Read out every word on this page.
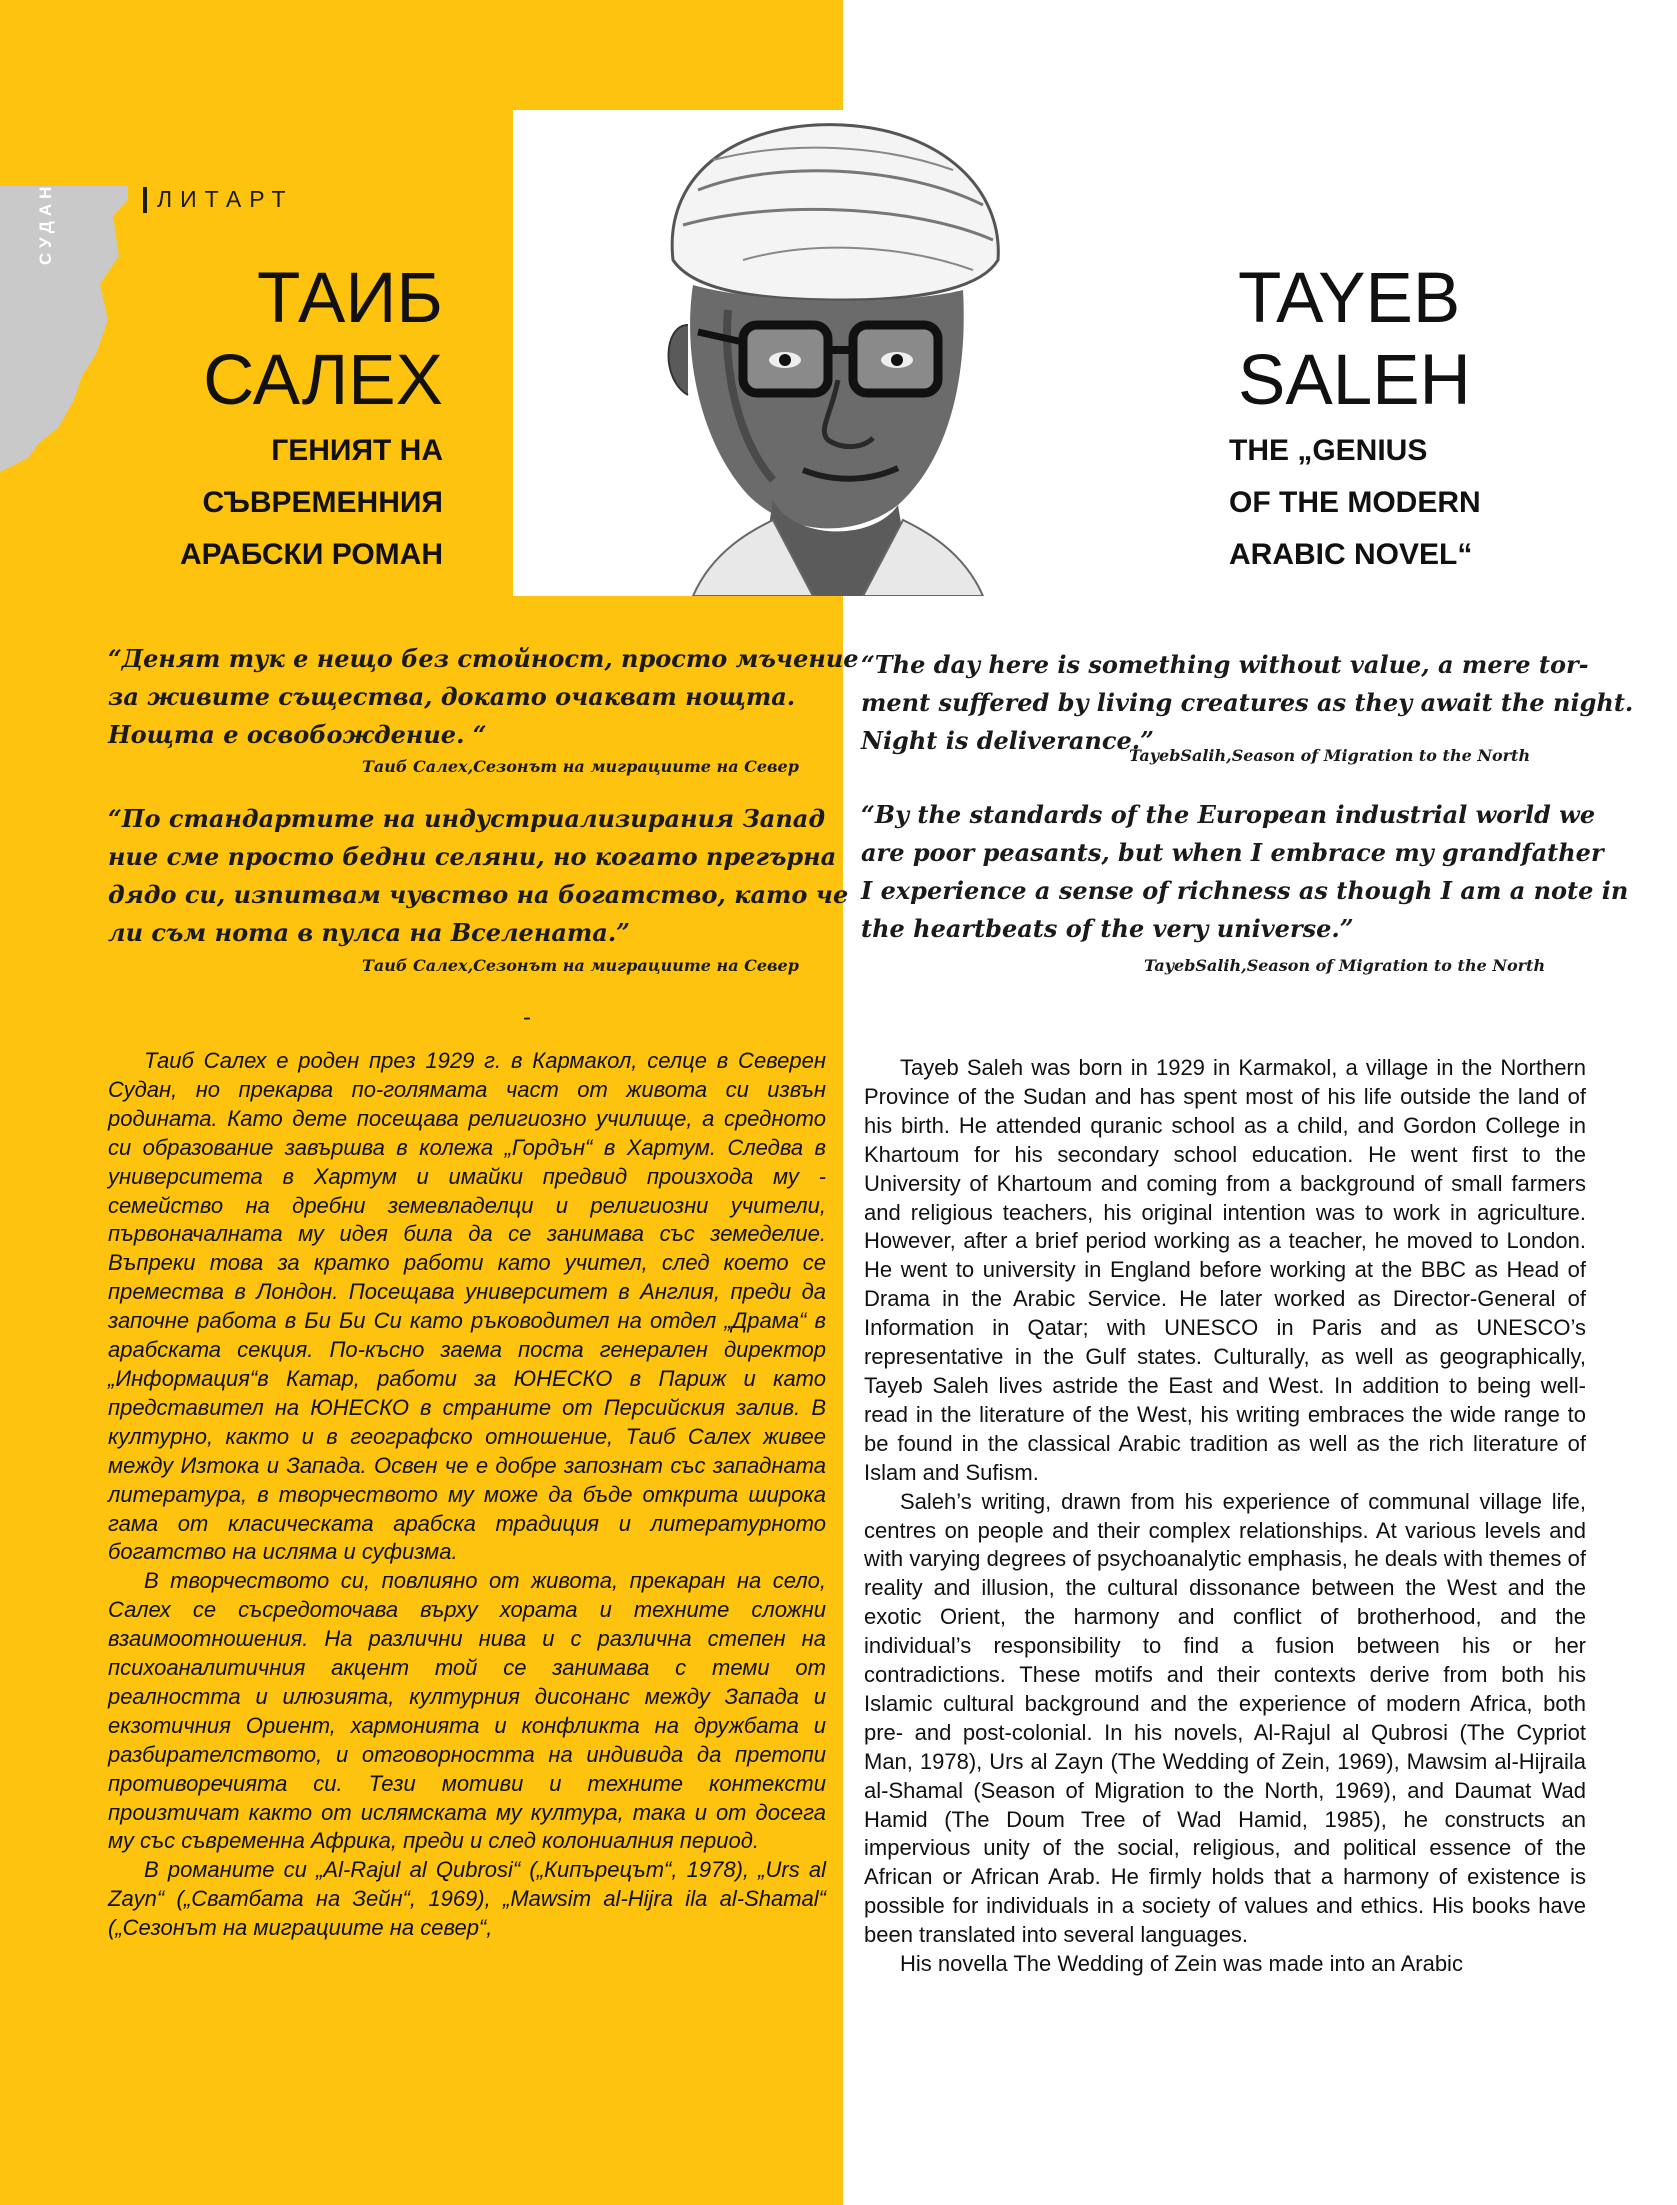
СУДАН	ЛИТАРТ
ТАИБ
САЛЕХ
ГЕНИЯТ НА
СЪВРЕМЕННИЯ
АРАБСКИ РОМАН
TAYEB
SALEH
THE „GENIUS
OF THE MODERN
ARABIC NOVEL“
“Денят тук е нещо без стойност, просто мъчение
за живите същества, докато очакват нощта.
Нощта е освобождение. “
Таиб Салех,Сезонът на миграциите на Север
“По стандартите на индустриализирания Запад
ние сме просто бедни селяни, но когато прегърна
дядо си, изпитвам чувство на богатство, като че
ли съм нота в пулса на Вселената.”
Таиб Салех,Сезонът на миграциите на Север
“The day here is something without value, a mere tor-
ment suffered by living creatures as they await the night.
Night is deliverance.”
TayebSalih,Season of Migration to the North
“By the standards of the European industrial world we
are poor peasants, but when I embrace my grandfather
I experience a sense of richness as though I am a note in
the heartbeats of the very universe.”
TayebSalih,Season of Migration to the North
-

Таиб Салех е роден през 1929 г. в Кармакол, селце в Северен Судан, но прекарва по-голямата част от живота си извън родината. Като дете посещава религиозно училище, а средното си образование завършва в колежа „Гордън“ в Хартум. Следва в университета в Хартум и имайки предвид произхода му - семейство на дребни земевладелци и религиозни учители, първоначалната му идея била да се занимава със земеделие. Въпреки това за кратко работи като учител, след което се премества в Лондон. Посещава университет в Англия, преди да започне работа в Би Би Си като ръководител на отдел „Драма“ в арабската секция. По-късно заема поста генерален директор „Информация“в Катар, работи за ЮНЕСКО в Париж и като представител на ЮНЕСКО в страните от Персийския залив. В културно, както и в географско отношение, Таиб Салех живее между Изтока и Запада. Освен че е добре запознат със западната литература, в творчеството му може да бъде открита широка гама от класическата арабска традиция и литературното богатство на исляма и суфизма.

В творчеството си, повлияно от живота, прекаран на село, Салех се съсредоточава върху хората и техните сложни взаимоотношения. На различни нива и с различна степен на психоаналитичния акцент той се занимава с теми от реалността и илюзията, културния дисонанс между Запада и екзотичния Ориент, хармонията и конфликта на дружбата и разбирателството, и отговорността на индивида да претопи противоречията си. Тези мотиви и техните контексти произтичат както от ислямската му култура, така и от досега му със съвременна Африка, преди и след колониалния период.

В романите си „Al-Rajul al Qubrosi“ („Кипърецът“, 1978), „Urs al Zayn“ („Сватбата на Зейн“, 1969), „Mawsim al-Hijra ila al-Shamal“ („Сезонът на миграциите на север“,

Tayeb Saleh was born in 1929 in Karmakol, a village in the Northern Province of the Sudan and has spent most of his life outside the land of his birth. He attended quranic school as a child, and Gordon College in Khartoum for his secondary school education. He went first to the University of Khartoum and coming from a background of small farmers and religious teachers, his original intention was to work in agriculture. However, after a brief period working as a teacher, he moved to London. He went to university in England before working at the BBC as Head of Drama in the Arabic Service. He later worked as Director-General of Information in Qatar; with UNESCO in Paris and as UNESCO’s representative in the Gulf states. Culturally, as well as geographically, Tayeb Saleh lives astride the East and West. In addition to being well-read in the literature of the West, his writing embraces the wide range to be found in the classical Arabic tradition as well as the rich literature of Islam and Sufism.

Saleh’s writing, drawn from his experience of communal village life, centres on people and their complex relationships. At various levels and with varying degrees of psychoanalytic emphasis, he deals with themes of reality and illusion, the cultural dissonance between the West and the exotic Orient, the harmony and conflict of brotherhood, and the individual’s responsibility to find a fusion between his or her contradictions. These motifs and their contexts derive from both his Islamic cultural background and the experience of modern Africa, both pre- and post-colonial. In his novels, Al-Rajul al Qubrosi (The Cypriot Man, 1978), Urs al Zayn (The Wedding of Zein, 1969), Mawsim al-Hijraila al-Shamal (Season of Migration to the North, 1969), and Daumat Wad Hamid (The Doum Tree of Wad Hamid, 1985), he constructs an impervious unity of the social, religious, and political essence of the African or African Arab. He firmly holds that a harmony of existence is possible for individuals in a society of values and ethics. His books have been translated into several languages.

His novella The Wedding of Zein was made into an Arabic
